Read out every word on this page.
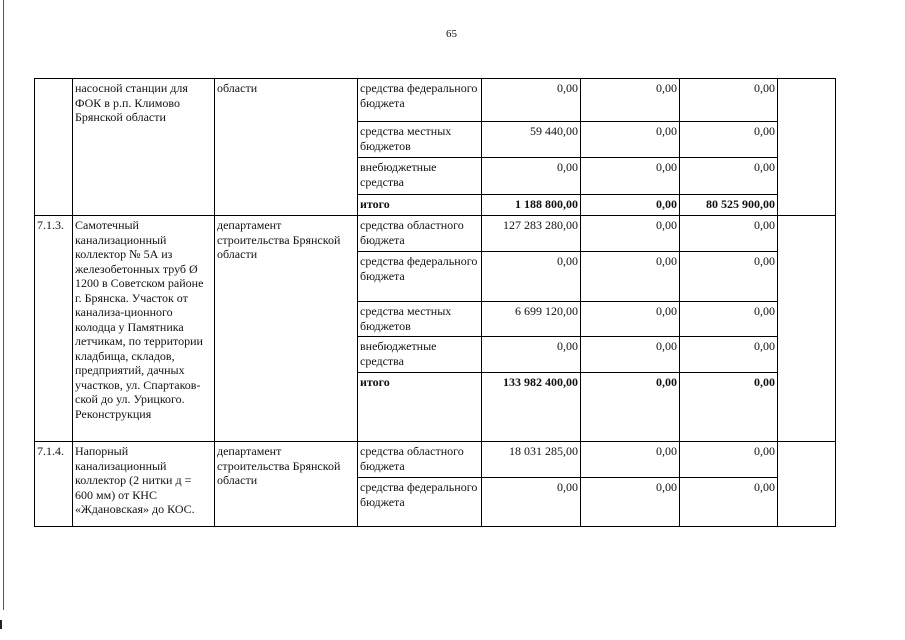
65
	насосной станции для ФОК в р.п. Климово Брянской области	области	средства федерального бюджета	0,00	0,00	0,00	
			средства местных бюджетов	59 440,00	0,00	0,00	
			внебюджетные средства	0,00	0,00	0,00	
			итого	1 188 800,00	0,00	80 525 900,00	
7.1.3.	Самотечный канализационный коллектор № 5А из железобетонных труб Ø 1200 в Советском районе г. Брянска. Участок от канализа-ционного колодца у Памятника летчикам, по территории кладбища, складов, предприятий, дачных участков, ул. Спартаков-ской до ул. Урицкого. Реконструкция	департамент строительства Брянской области	средства областного бюджета	127 283 280,00	0,00	0,00	
			средства федерального бюджета	0,00	0,00	0,00	
			средства местных бюджетов	6 699 120,00	0,00	0,00	
			внебюджетные средства	0,00	0,00	0,00	
			итого	133 982 400,00	0,00	0,00	
7.1.4.	Напорный канализационный коллектор (2 нитки д = 600 мм) от КНС «Ждановская» до КОС.	департамент строительства Брянской области	средства областного бюджета	18 031 285,00	0,00	0,00	
			средства федерального бюджета	0,00	0,00	0,00	
